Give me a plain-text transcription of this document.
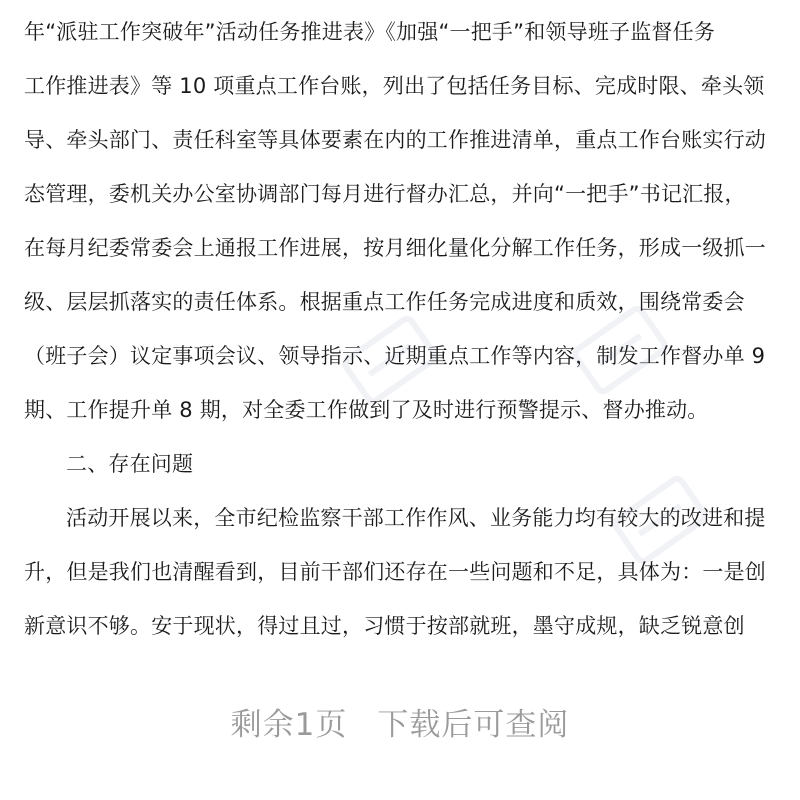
年“派驻工作突破年”活动任务推进表》《加强“一把手”和领导班子监督任务
工作推进表》等 10 项重点工作台账，列出了包括任务目标、完成时限、牵头领
导、牵头部门、责任科室等具体要素在内的工作推进清单，重点工作台账实行动
态管理，委机关办公室协调部门每月进行督办汇总，并向“一把手”书记汇报，
在每月纪委常委会上通报工作进展，按月细化量化分解工作任务，形成一级抓一
级、层层抓落实的责任体系。根据重点工作任务完成进度和质效，围绕常委会
（班子会）议定事项会议、领导指示、近期重点工作等内容，制发工作督办单 9
期、工作提升单 8 期，对全委工作做到了及时进行预警提示、督办推动。
二、存在问题
活动开展以来，全市纪检监察干部工作作风、业务能力均有较大的改进和提
升，但是我们也清醒看到，目前干部们还存在一些问题和不足，具体为：一是创
新意识不够。安于现状，得过且过，习惯于按部就班，墨守成规，缺乏锐意创
剩余1页 下载后可查阅
